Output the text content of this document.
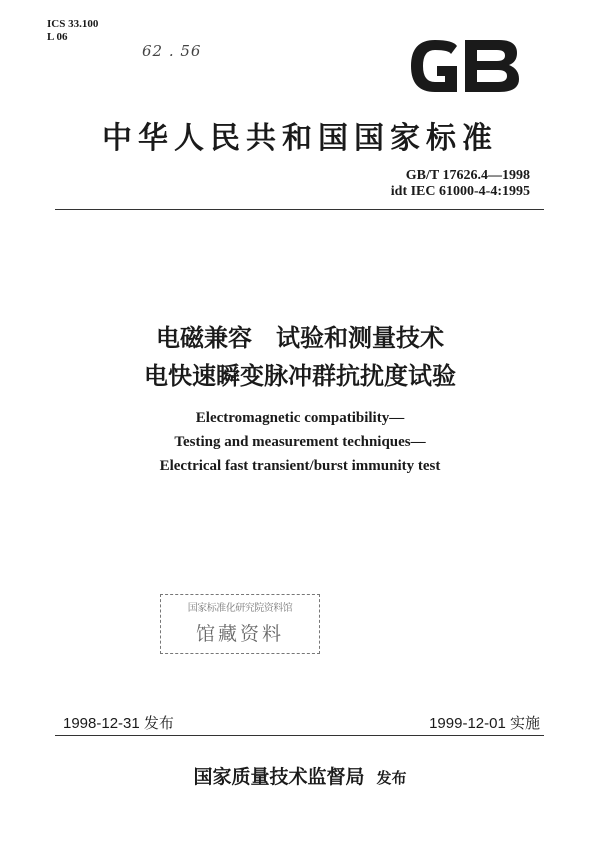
ICS 33.100
L 06
62 . 56
中华人民共和国国家标准
GB/T 17626.4—1998
idt IEC 61000-4-4:1995
电磁兼容　试验和测量技术
电快速瞬变脉冲群抗扰度试验
Electromagnetic compatibility—
Testing and measurement techniques—
Electrical fast transient/burst immunity test
国家标准化研究院资料馆
馆藏资料
1998-12-31 发布	1999-12-01 实施
国家质量技术监督局 发布
